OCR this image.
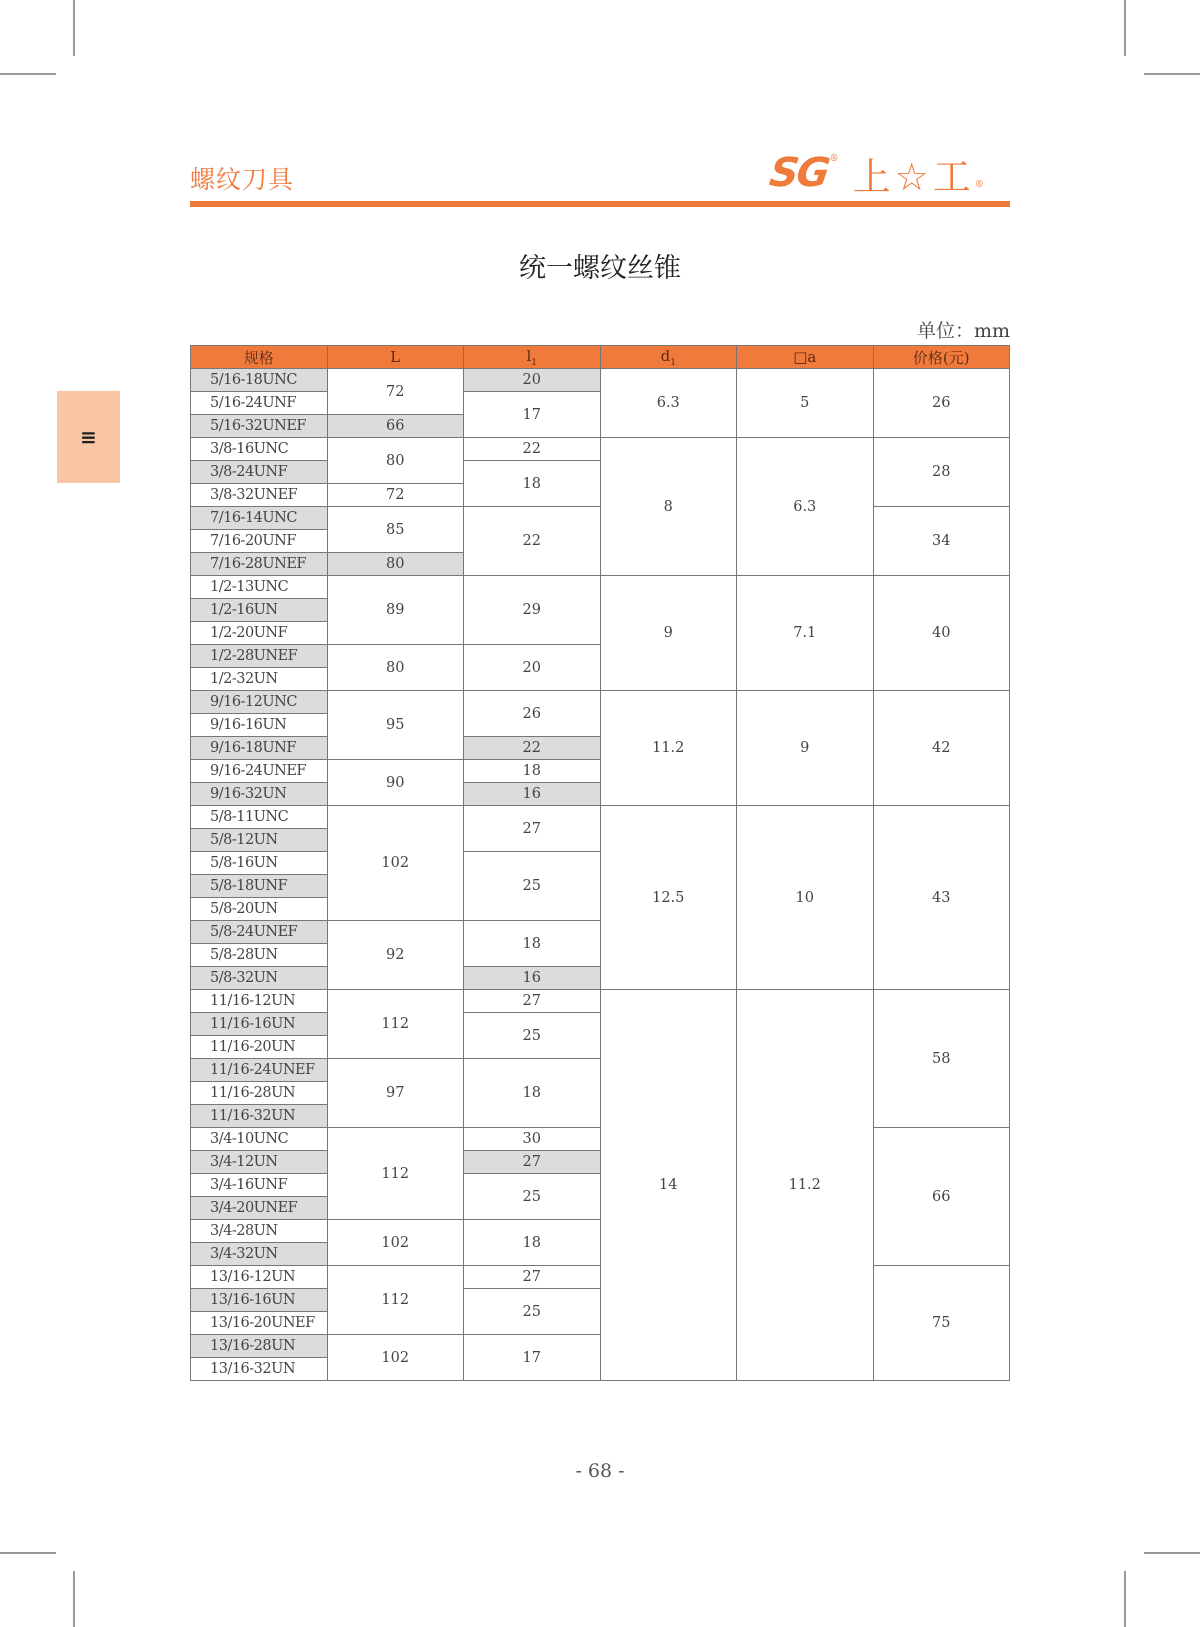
螺纹刀具	SG
® 上☆工 ®
≡
统一螺纹丝锥
单位：mm
规格	L	$l_1$	$d_1$	□a	价格(元)
5/16-18UNC	72	20	6.3	5	26
5/16-24UNF		17			
5/16-32UNEF	66				
3/8-16UNC	80	22	8	6.3	28
3/8-24UNF		18			
3/8-32UNEF	72				
7/16-14UNC	85	22			34
7/16-20UNF					
7/16-28UNEF	80				
1/2-13UNC	89	29	9	7.1	40
1/2-16UN					
1/2-20UNF					
1/2-28UNEF	80	20			
1/2-32UN					
9/16-12UNC	95	26	11.2	9	42
9/16-16UN					
9/16-18UNF		22			
9/16-24UNEF	90	18			
9/16-32UN		16			
5/8-11UNC	102	27	12.5	10	43
5/8-12UN					
5/8-16UN		25			
5/8-18UNF					
5/8-20UN					
5/8-24UNEF	92	18			
5/8-28UN					
5/8-32UN		16			
11/16-12UN	112	27	14	11.2	58
11/16-16UN		25			
11/16-20UN					
11/16-24UNEF	97	18			
11/16-28UN					
11/16-32UN					
3/4-10UNC	112	30			66
3/4-12UN		27			
3/4-16UNF		25			
3/4-20UNEF					
3/4-28UN	102	18			
3/4-32UN					
13/16-12UN	112	27			75
13/16-16UN		25			
13/16-20UNEF					
13/16-28UN	102	17			
13/16-32UN					
- 68 -
